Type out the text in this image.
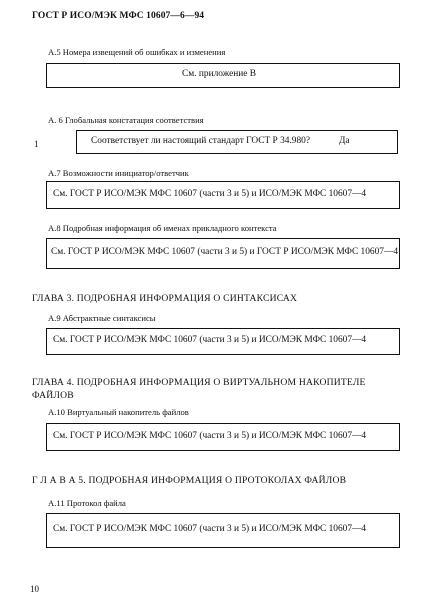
ГОСТ Р ИСО/МЭК МФС 10607—6—94
А.5 Номера извещений об ошибках и изменения
См. приложение В
А. 6 Глобальная констатация соответствия
1	Соответствует ли настоящий стандарт ГОСТ Р 34.980?	Да
А.7 Возможности инициатор/ответчик
См. ГОСТ Р ИСО/МЭК МФС 10607 (части 3 и 5) и ИСО/МЭК МФС 10607—4
А.8 Подробная информация об именах прикладного контекста
См. ГОСТ Р ИСО/МЭК МФС 10607 (части 3 и 5) и ГОСТ Р ИСО/МЭК МФС 10607—4
ГЛАВА 3. ПОДРОБНАЯ ИНФОРМАЦИЯ О СИНТАКСИСАХ
А.9 Абстрактные синтаксисы
См. ГОСТ Р ИСО/МЭК МФС 10607 (части 3 и 5) и ИСО/МЭК МФС 10607—4
ГЛАВА 4. ПОДРОБНАЯ ИНФОРМАЦИЯ О ВИРТУАЛЬНОМ НАКОПИТЕЛЕ
ФАЙЛОВ
А.10 Виртуальный накопитель файлов
См. ГОСТ Р ИСО/МЭК МФС 10607 (части 3 и 5) и ИСО/МЭК МФС 10607—4
Г Л А В А 5. ПОДРОБНАЯ ИНФОРМАЦИЯ О ПРОТОКОЛАХ ФАЙЛОВ
А.11 Протокол файла
См. ГОСТ Р ИСО/МЭК МФС 10607 (части 3 и 5) и ИСО/МЭК МФС 10607—4
10
